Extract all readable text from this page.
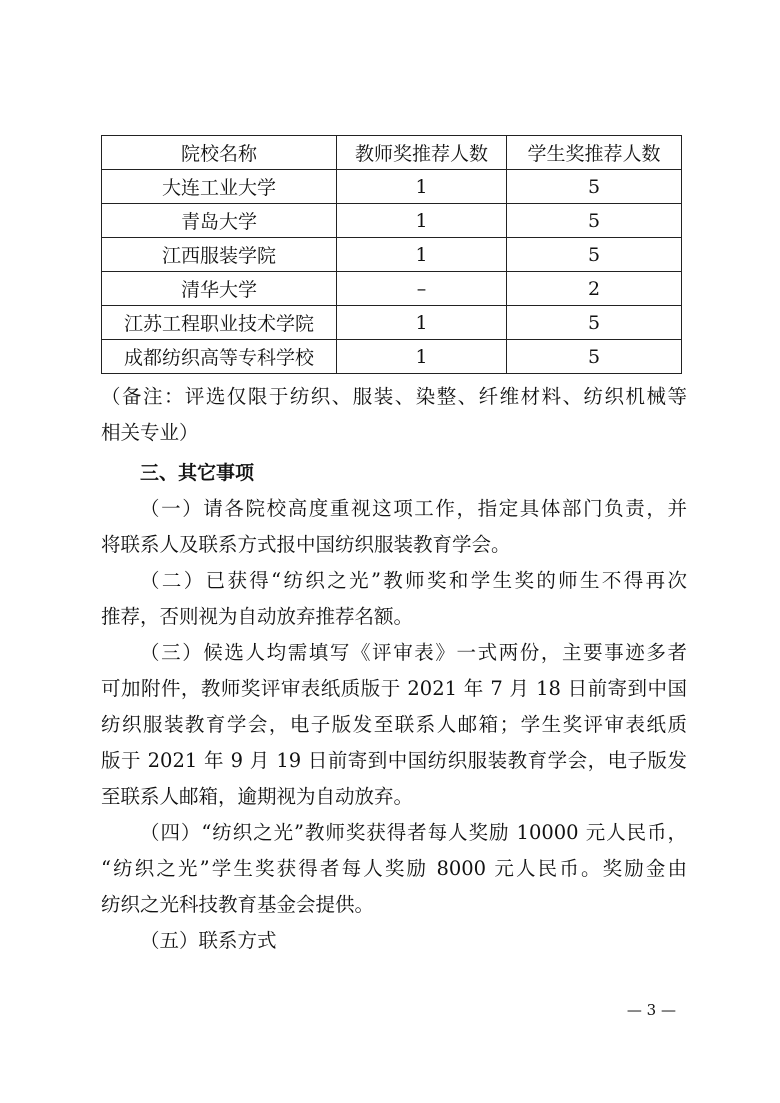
院校名称	教师奖推荐人数	学生奖推荐人数
大连工业大学	1	5
青岛大学	1	5
江西服装学院	1	5
清华大学	–	2
江苏工程职业技术学院	1	5
成都纺织高等专科学校	1	5
（备注：评选仅限于纺织、服装、染整、纤维材料、纺织机械等
相关专业）
三、其它事项
（一）请各院校高度重视这项工作，指定具体部门负责，并
将联系人及联系方式报中国纺织服装教育学会。
（二）已获得“纺织之光”教师奖和学生奖的师生不得再次
推荐，否则视为自动放弃推荐名额。
（三）候选人均需填写《评审表》一式两份，主要事迹多者
可加附件，教师奖评审表纸质版于 2021 年 7 月 18 日前寄到中国
纺织服装教育学会，电子版发至联系人邮箱；学生奖评审表纸质
版于 2021 年 9 月 19 日前寄到中国纺织服装教育学会，电子版发
至联系人邮箱，逾期视为自动放弃。
（四）“纺织之光”教师奖获得者每人奖励 10000 元人民币，
“纺织之光”学生奖获得者每人奖励 8000 元人民币。奖励金由
纺织之光科技教育基金会提供。
（五）联系方式
— 3 —
